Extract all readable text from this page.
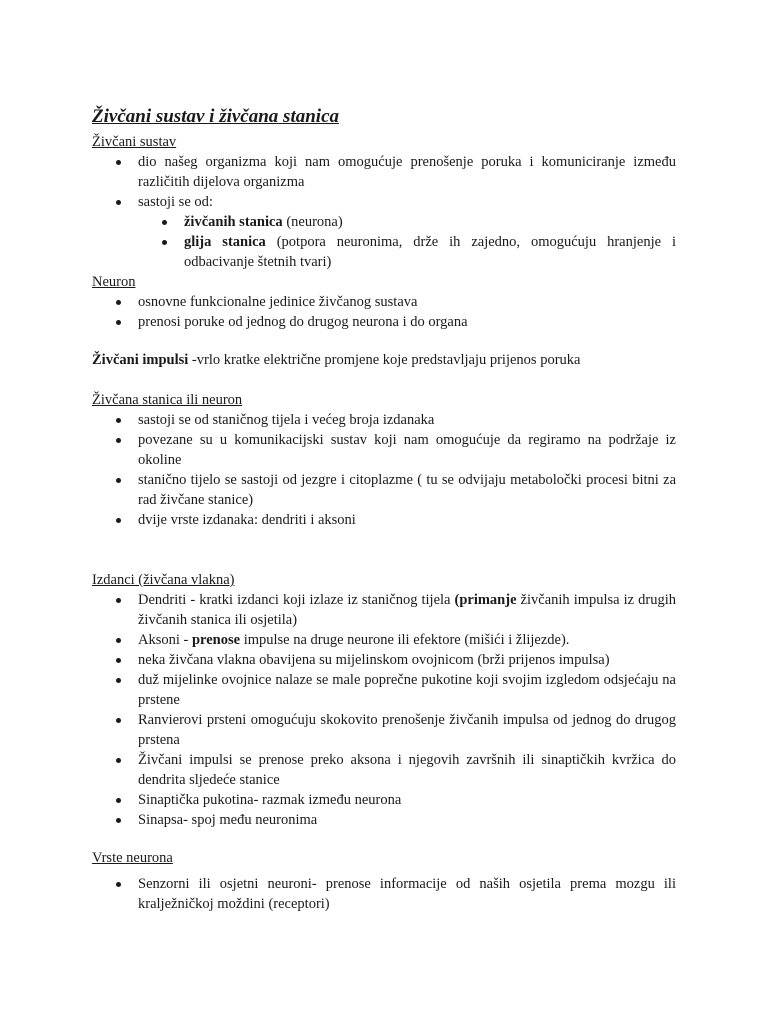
Živčani sustav i živčana stanica

Živčani sustav

dio našeg organizma koji nam omogućuje prenošenje poruka i komuniciranje između različitih dijelova organizma
sastoji se od:
živčanih stanica (neurona)
glija stanica (potpora neuronima, drže ih zajedno, omogućuju hranjenje i odbacivanje štetnih tvari)

Neuron

osnovne funkcionalne jedinice živčanog sustava
prenosi poruke od jednog do drugog neurona i do organa

Živčani impulsi -vrlo kratke električne promjene koje predstavljaju prijenos poruka

Živčana stanica ili neuron

sastoji se od staničnog tijela i većeg broja izdanaka
povezane su u komunikacijski sustav koji nam omogućuje da regiramo na podržaje iz okoline
stanično tijelo se sastoji od jezgre i citoplazme ( tu se odvijaju metaboločki procesi bitni za rad živčane stanice)
dvije vrste izdanaka: dendriti i aksoni

Izdanci (živčana vlakna)

Dendriti - kratki izdanci koji izlaze iz staničnog tijela (primanje živčanih impulsa iz drugih živčanih stanica ili osjetila)
Aksoni - prenose impulse na druge neurone ili efektore (mišići i žlijezde).
neka živčana vlakna obavijena su mijelinskom ovojnicom (brži prijenos impulsa)
duž mijelinke ovojnice nalaze se male poprečne pukotine koji svojim izgledom odsjećaju na prstene
Ranvierovi prsteni omogućuju skokovito prenošenje živčanih impulsa od jednog do drugog prstena
Živčani impulsi se prenose preko aksona i njegovih završnih ili sinaptičkih kvržica do dendrita sljedeće stanice
Sinaptička pukotina- razmak između neurona
Sinapsa- spoj među neuronima

Vrste neurona

Senzorni ili osjetni neuroni- prenose informacije od naših osjetila prema mozgu ili kralježničkoj moždini (receptori)
